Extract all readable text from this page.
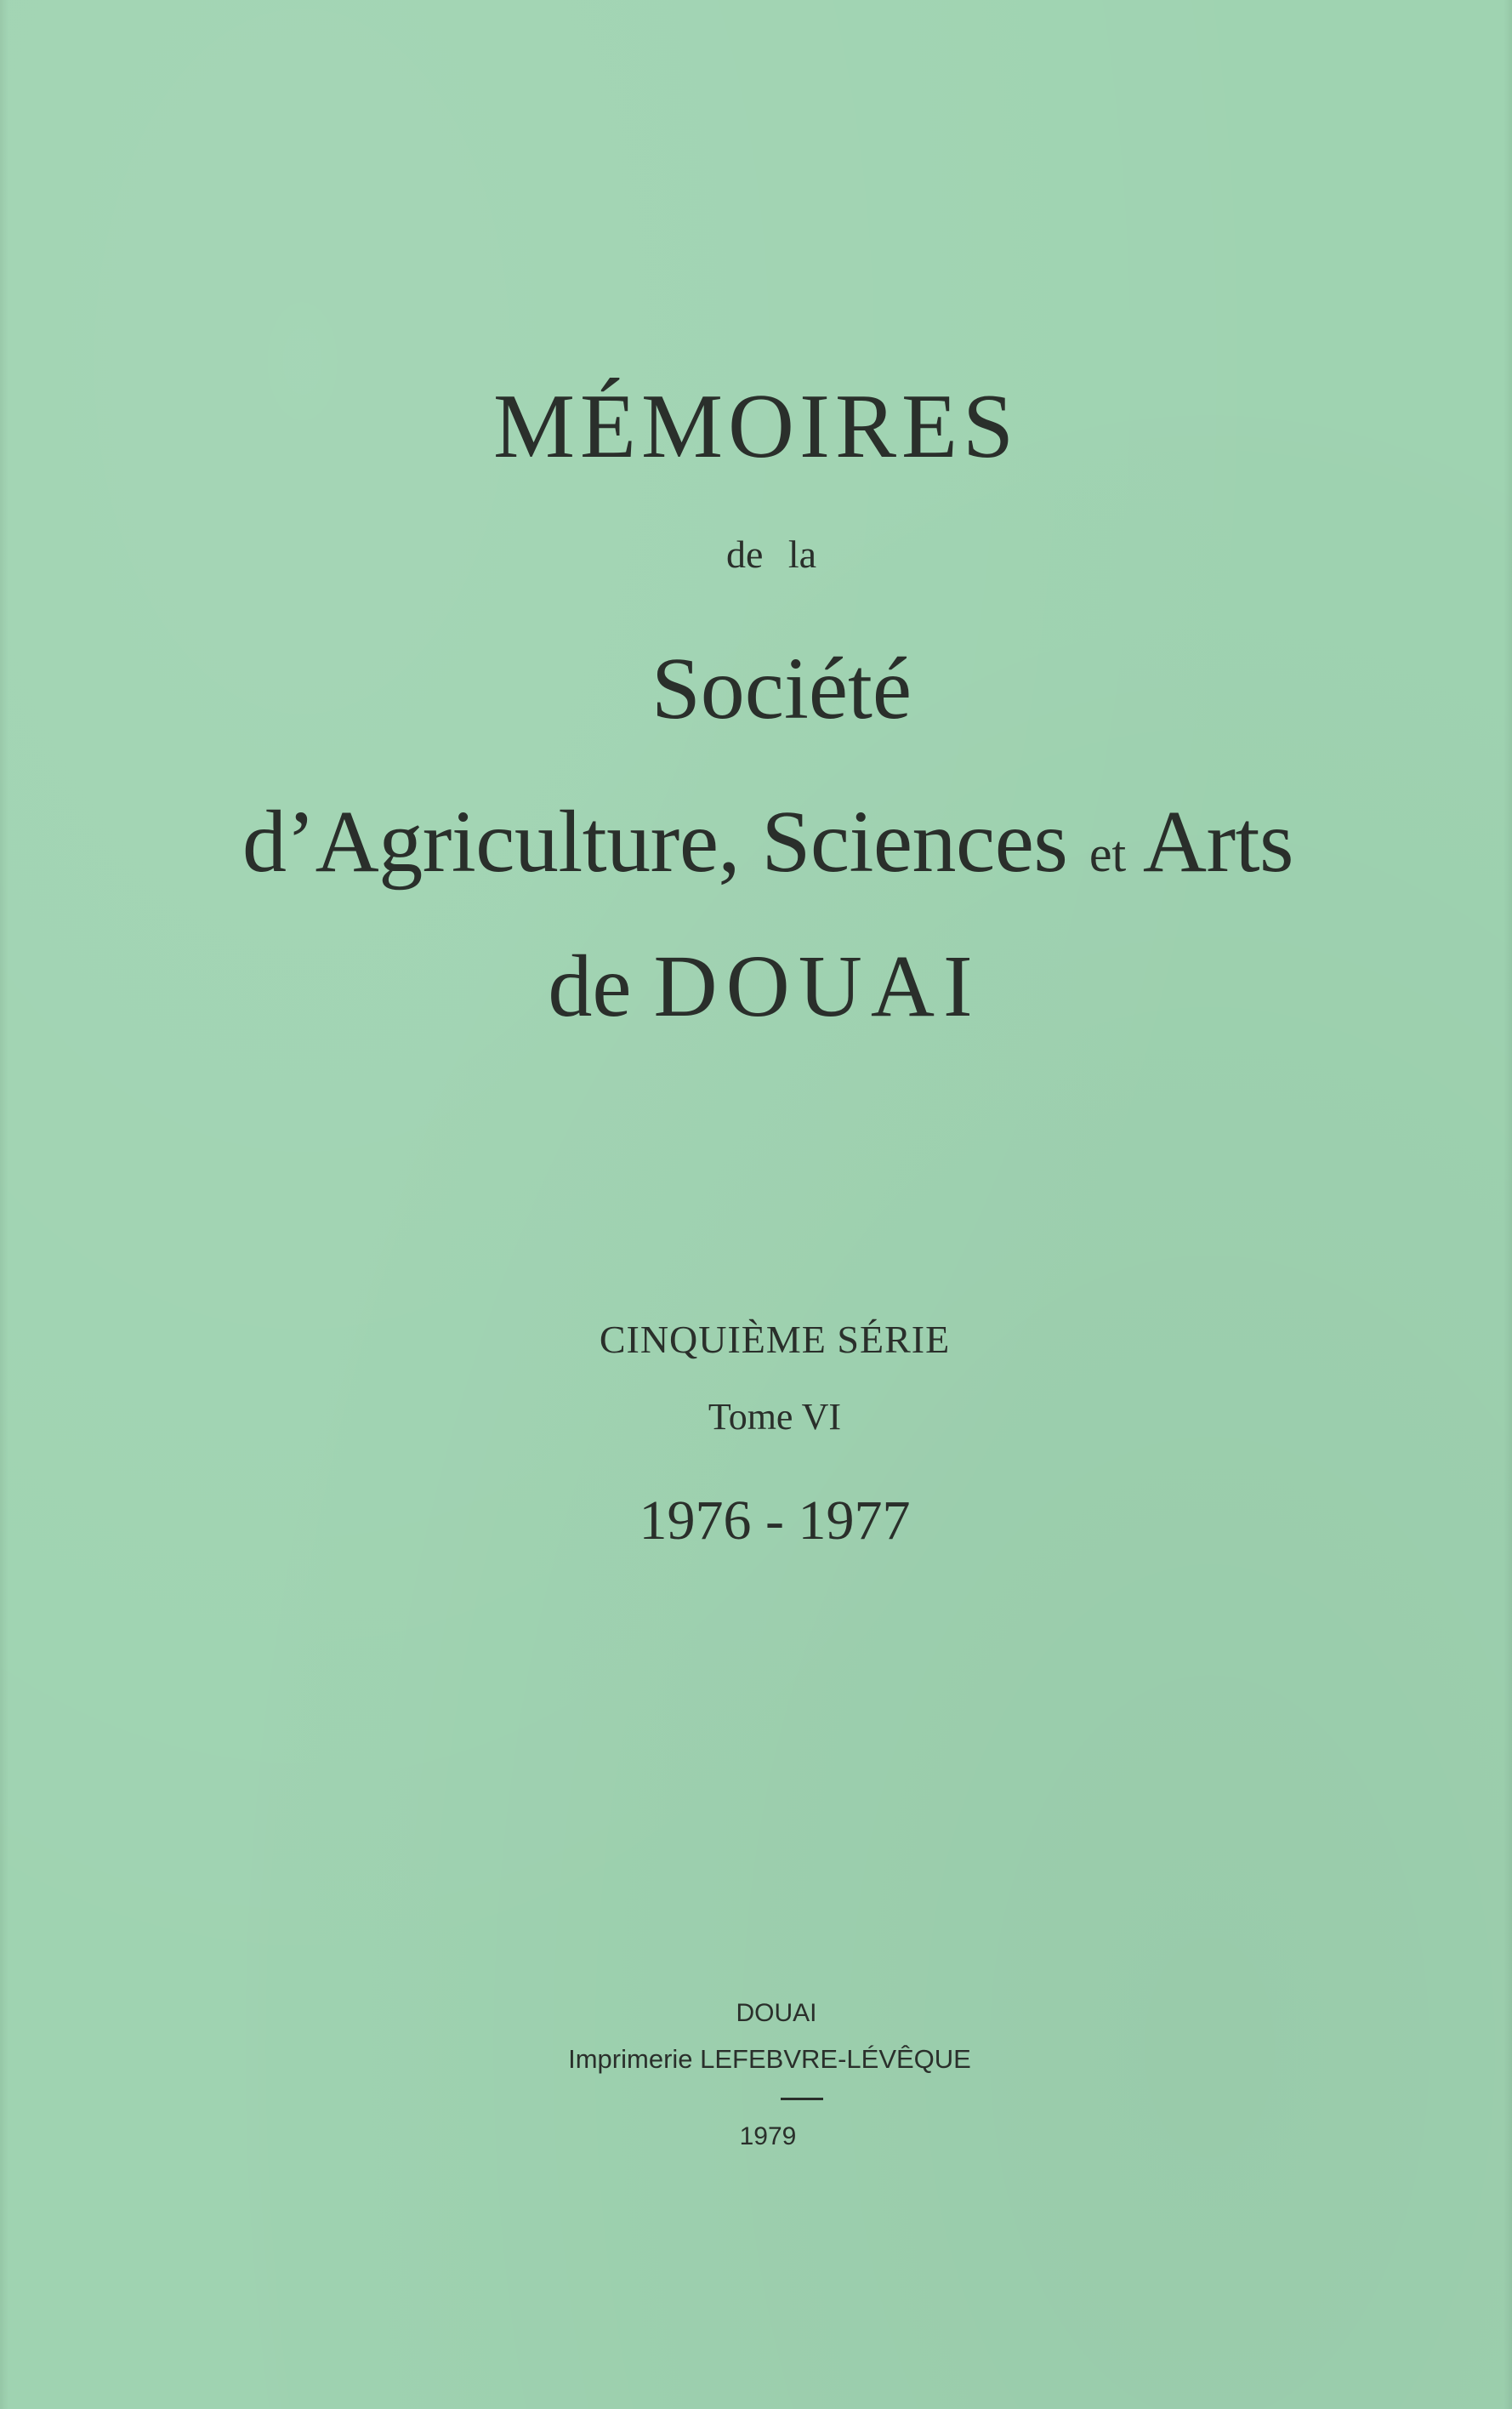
MÉMOIRES

de la

Société

d’Agriculture, Sciences et Arts

de DOUAI

CINQUIÈME SÉRIE

Tome VI

1976 - 1977

DOUAI

Imprimerie LEFEBVRE-LÉVÊQUE

1979
